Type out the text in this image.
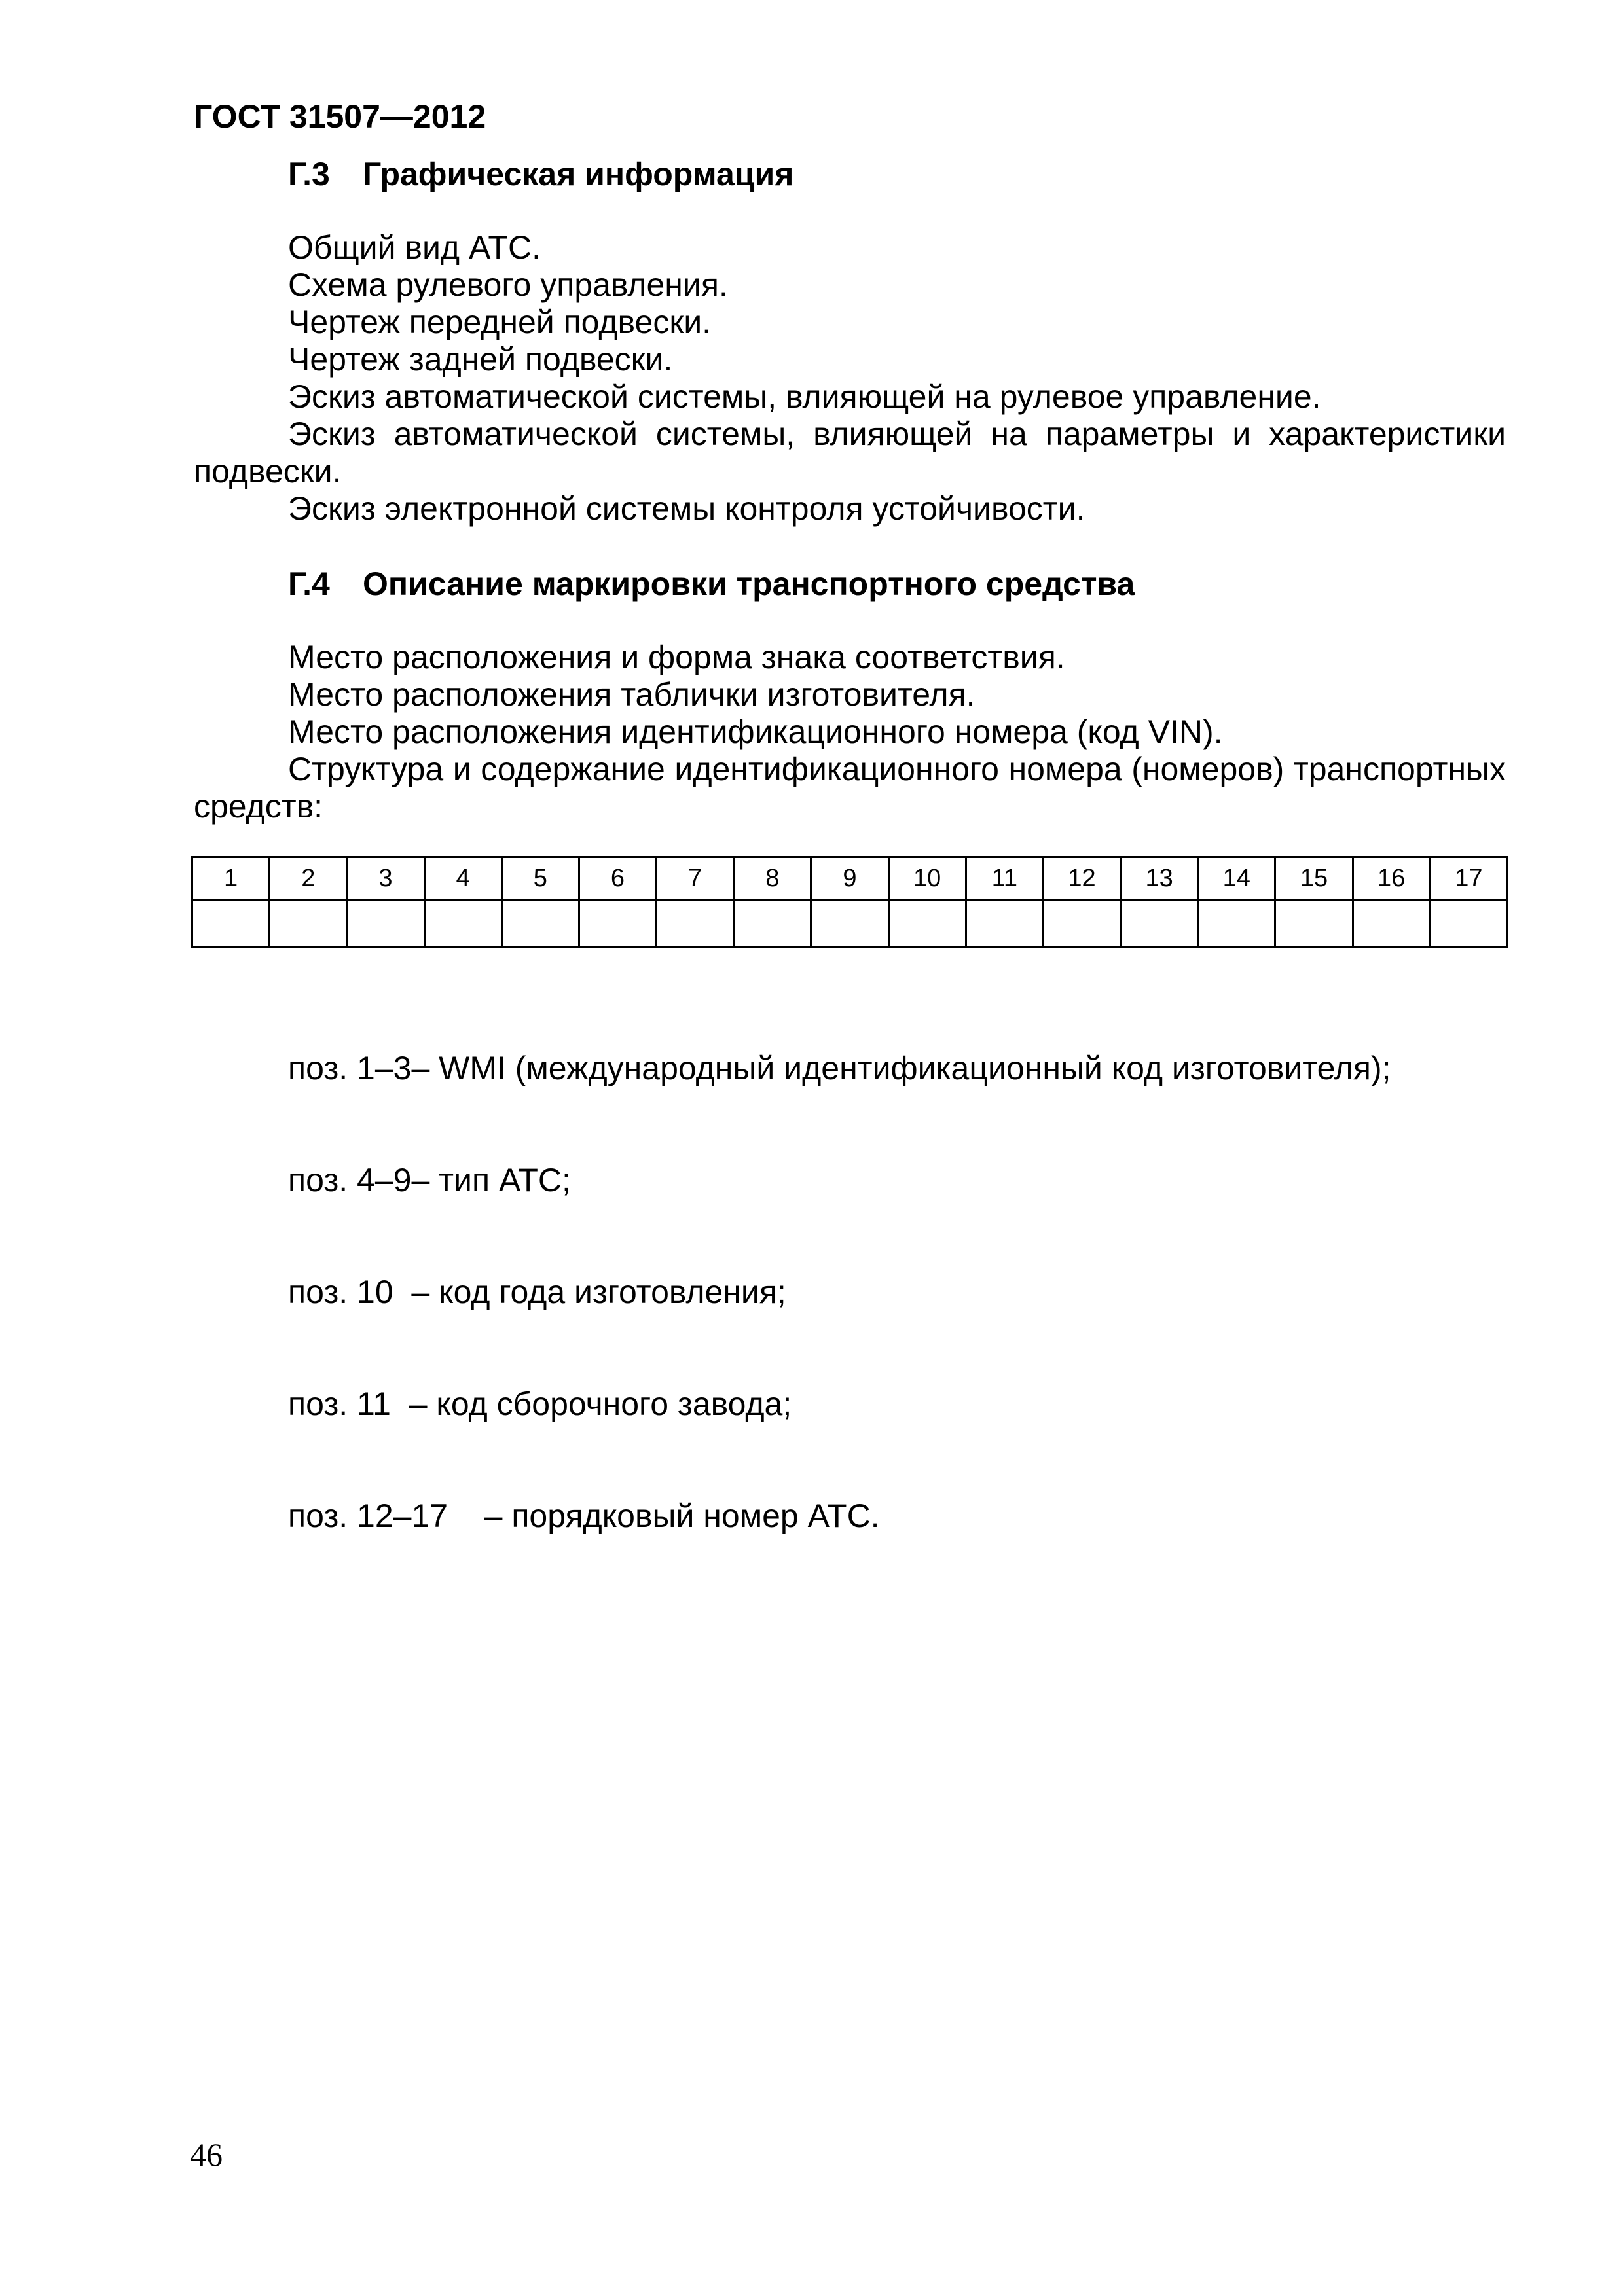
ГОСТ 31507—2012
Г.3 Графическая информация

Общий вид АТС.

Схема рулевого управления.

Чертеж передней подвески.

Чертеж задней подвески.

Эскиз автоматической системы, влияющей на рулевое управление.

Эскиз автоматической системы, влияющей на параметры и характеристики подвески.

Эскиз электронной системы контроля устойчивости.

Г.4 Описание маркировки транспортного средства

Место расположения и форма знака соответствия.

Место расположения таблички изготовителя.

Место расположения идентификационного номера (код VIN).

Структура и содержание идентификационного номера (номеров) транспортных средств:

1	2	3	4	5	6	7	8	9	10	11	12	13	14	15	16	17

поз. 1–3– WMI (международный идентификационный код изготовителя);

поз. 4–9– тип АТС;

поз. 10  – код года изготовления;

поз. 11  – код сборочного завода;

поз. 12–17    – порядковый номер АТС.

46
